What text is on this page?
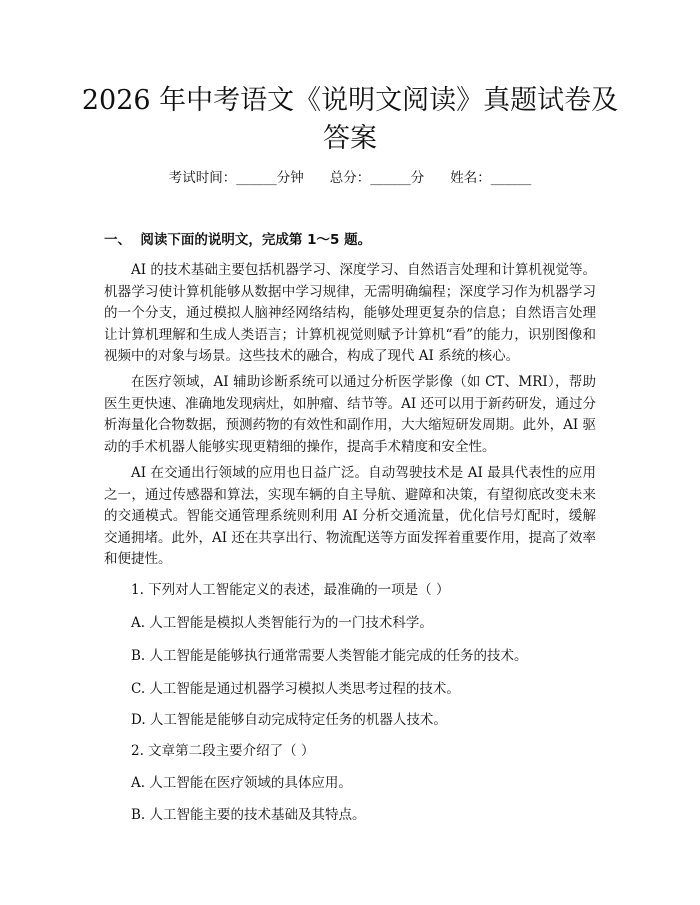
2026 年中考语文《说明文阅读》真题试卷及
答案
考试时间：______分钟 总分：______分 姓名：______
一、 阅读下面的说明文，完成第 1～5 题。

AI 的技术基础主要包括机器学习、深度学习、自然语言处理和计算机视觉等。机器学习使计算机能够从数据中学习规律，无需明确编程；深度学习作为机器学习的一个分支，通过模拟人脑神经网络结构，能够处理更复杂的信息；自然语言处理让计算机理解和生成人类语言；计算机视觉则赋予计算机“看”的能力，识别图像和视频中的对象与场景。这些技术的融合，构成了现代 AI 系统的核心。

在医疗领域，AI 辅助诊断系统可以通过分析医学影像（如 CT、MRI），帮助医生更快速、准确地发现病灶，如肿瘤、结节等。AI 还可以用于新药研发，通过分析海量化合物数据，预测药物的有效性和副作用，大大缩短研发周期。此外，AI 驱动的手术机器人能够实现更精细的操作，提高手术精度和安全性。

AI 在交通出行领域的应用也日益广泛。自动驾驶技术是 AI 最具代表性的应用之一，通过传感器和算法，实现车辆的自主导航、避障和决策，有望彻底改变未来的交通模式。智能交通管理系统则利用 AI 分析交通流量，优化信号灯配时，缓解交通拥堵。此外，AI 还在共享出行、物流配送等方面发挥着重要作用，提高了效率和便捷性。

1. 下列对人工智能定义的表述，最准确的一项是（ ）
A. 人工智能是模拟人类智能行为的一门技术科学。
B. 人工智能是能够执行通常需要人类智能才能完成的任务的技术。
C. 人工智能是通过机器学习模拟人类思考过程的技术。
D. 人工智能是能够自动完成特定任务的机器人技术。
2. 文章第二段主要介绍了（ ）
A. 人工智能在医疗领域的具体应用。
B. 人工智能主要的技术基础及其特点。
